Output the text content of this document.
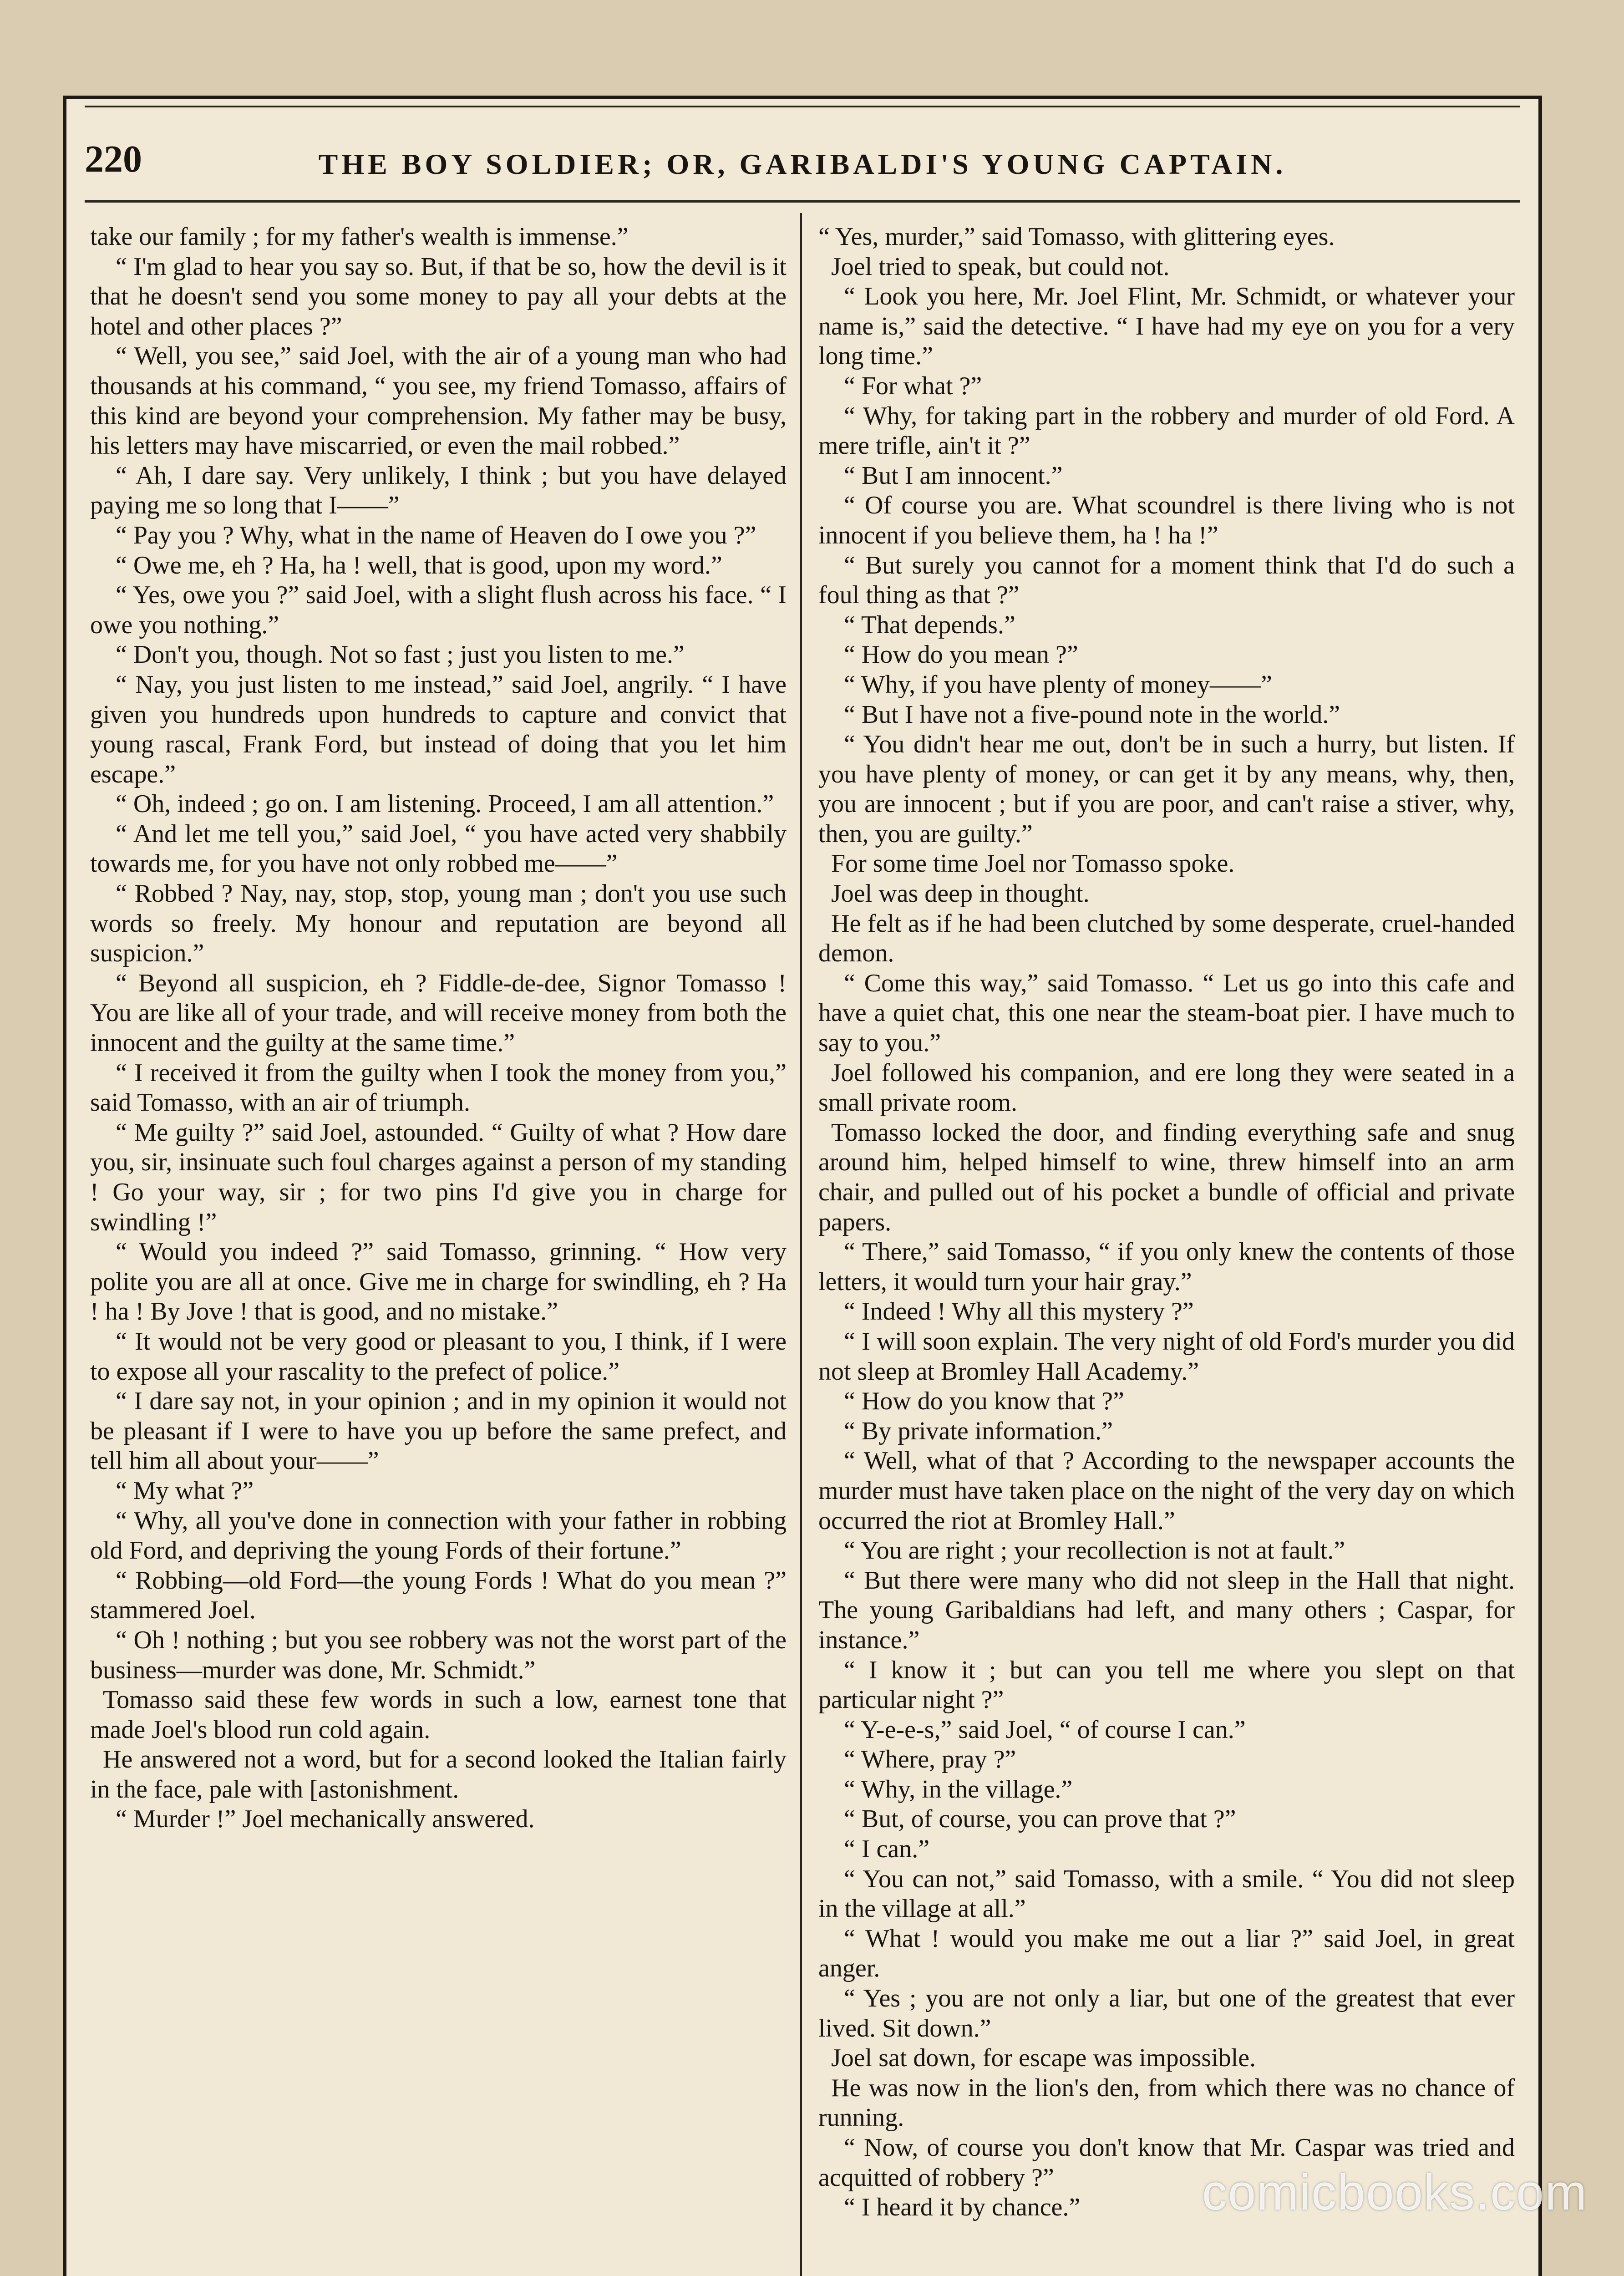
220	THE BOY SOLDIER; OR, GARIBALDI'S YOUNG CAPTAIN.

take our family ; for my father's wealth is immense.”

“ I'm glad to hear you say so. But, if that be so, how the devil is it that he doesn't send you some money to pay all your debts at the hotel and other places ?”

“ Well, you see,” said Joel, with the air of a young man who had thousands at his command, “ you see, my friend Tomasso, affairs of this kind are beyond your comprehension. My father may be busy, his letters may have miscarried, or even the mail robbed.”

“ Ah, I dare say. Very unlikely, I think ; but you have delayed paying me so long that I——”

“ Pay you ? Why, what in the name of Heaven do I owe you ?”

“ Owe me, eh ? Ha, ha ! well, that is good, upon my word.”

“ Yes, owe you ?” said Joel, with a slight flush across his face. “ I owe you nothing.”

“ Don't you, though. Not so fast ; just you listen to me.”

“ Nay, you just listen to me instead,” said Joel, angrily. “ I have given you hundreds upon hundreds to capture and convict that young rascal, Frank Ford, but instead of doing that you let him escape.”

“ Oh, indeed ; go on. I am listening. Proceed, I am all attention.”

“ And let me tell you,” said Joel, “ you have acted very shabbily towards me, for you have not only robbed me——”

“ Robbed ? Nay, nay, stop, stop, young man ; don't you use such words so freely. My honour and reputation are beyond all suspicion.”

“ Beyond all suspicion, eh ? Fiddle-de-dee, Signor Tomasso ! You are like all of your trade, and will receive money from both the innocent and the guilty at the same time.”

“ I received it from the guilty when I took the money from you,” said Tomasso, with an air of triumph.

“ Me guilty ?” said Joel, astounded. “ Guilty of what ? How dare you, sir, insinuate such foul charges against a person of my standing ! Go your way, sir ; for two pins I'd give you in charge for swindling !”

“ Would you indeed ?” said Tomasso, grinning. “ How very polite you are all at once. Give me in charge for swindling, eh ? Ha ! ha ! By Jove ! that is good, and no mistake.”

“ It would not be very good or pleasant to you, I think, if I were to expose all your rascality to the prefect of police.”

“ I dare say not, in your opinion ; and in my opinion it would not be pleasant if I were to have you up before the same prefect, and tell him all about your——”

“ My what ?”

“ Why, all you've done in connection with your father in robbing old Ford, and depriving the young Fords of their fortune.”

“ Robbing—old Ford—the young Fords ! What do you mean ?” stammered Joel.

“ Oh ! nothing ; but you see robbery was not the worst part of the business—murder was done, Mr. Schmidt.”

Tomasso said these few words in such a low, earnest tone that made Joel's blood run cold again.

He answered not a word, but for a second looked the Italian fairly in the face, pale with [astonishment.

“ Murder !” Joel mechanically answered.

“ Yes, murder,” said Tomasso, with glittering eyes.

Joel tried to speak, but could not.

“ Look you here, Mr. Joel Flint, Mr. Schmidt, or whatever your name is,” said the detective. “ I have had my eye on you for a very long time.”

“ For what ?”

“ Why, for taking part in the robbery and murder of old Ford. A mere trifle, ain't it ?”

“ But I am innocent.”

“ Of course you are. What scoundrel is there living who is not innocent if you believe them, ha ! ha !”

“ But surely you cannot for a moment think that I'd do such a foul thing as that ?”

“ That depends.”

“ How do you mean ?”

“ Why, if you have plenty of money——”

“ But I have not a five-pound note in the world.”

“ You didn't hear me out, don't be in such a hurry, but listen. If you have plenty of money, or can get it by any means, why, then, you are innocent ; but if you are poor, and can't raise a stiver, why, then, you are guilty.”

For some time Joel nor Tomasso spoke.

Joel was deep in thought.

He felt as if he had been clutched by some desperate, cruel-handed demon.

“ Come this way,” said Tomasso. “ Let us go into this cafe and have a quiet chat, this one near the steam-boat pier. I have much to say to you.”

Joel followed his companion, and ere long they were seated in a small private room.

Tomasso locked the door, and finding everything safe and snug around him, helped himself to wine, threw himself into an arm chair, and pulled out of his pocket a bundle of official and private papers.

“ There,” said Tomasso, “ if you only knew the contents of those letters, it would turn your hair gray.”

“ Indeed ! Why all this mystery ?”

“ I will soon explain. The very night of old Ford's murder you did not sleep at Bromley Hall Academy.”

“ How do you know that ?”

“ By private information.”

“ Well, what of that ? According to the newspaper accounts the murder must have taken place on the night of the very day on which occurred the riot at Bromley Hall.”

“ You are right ; your recollection is not at fault.”

“ But there were many who did not sleep in the Hall that night. The young Garibaldians had left, and many others ; Caspar, for instance.”

“ I know it ; but can you tell me where you slept on that particular night ?”

“ Y-e-e-s,” said Joel, “ of course I can.”

“ Where, pray ?”

“ Why, in the village.”

“ But, of course, you can prove that ?”

“ I can.”

“ You can not,” said Tomasso, with a smile. “ You did not sleep in the village at all.”

“ What ! would you make me out a liar ?” said Joel, in great anger.

“ Yes ; you are not only a liar, but one of the greatest that ever lived. Sit down.”

Joel sat down, for escape was impossible.

He was now in the lion's den, from which there was no chance of running.

“ Now, of course you don't know that Mr. Caspar was tried and acquitted of robbery ?”

“ I heard it by chance.”	comicbooks.com
